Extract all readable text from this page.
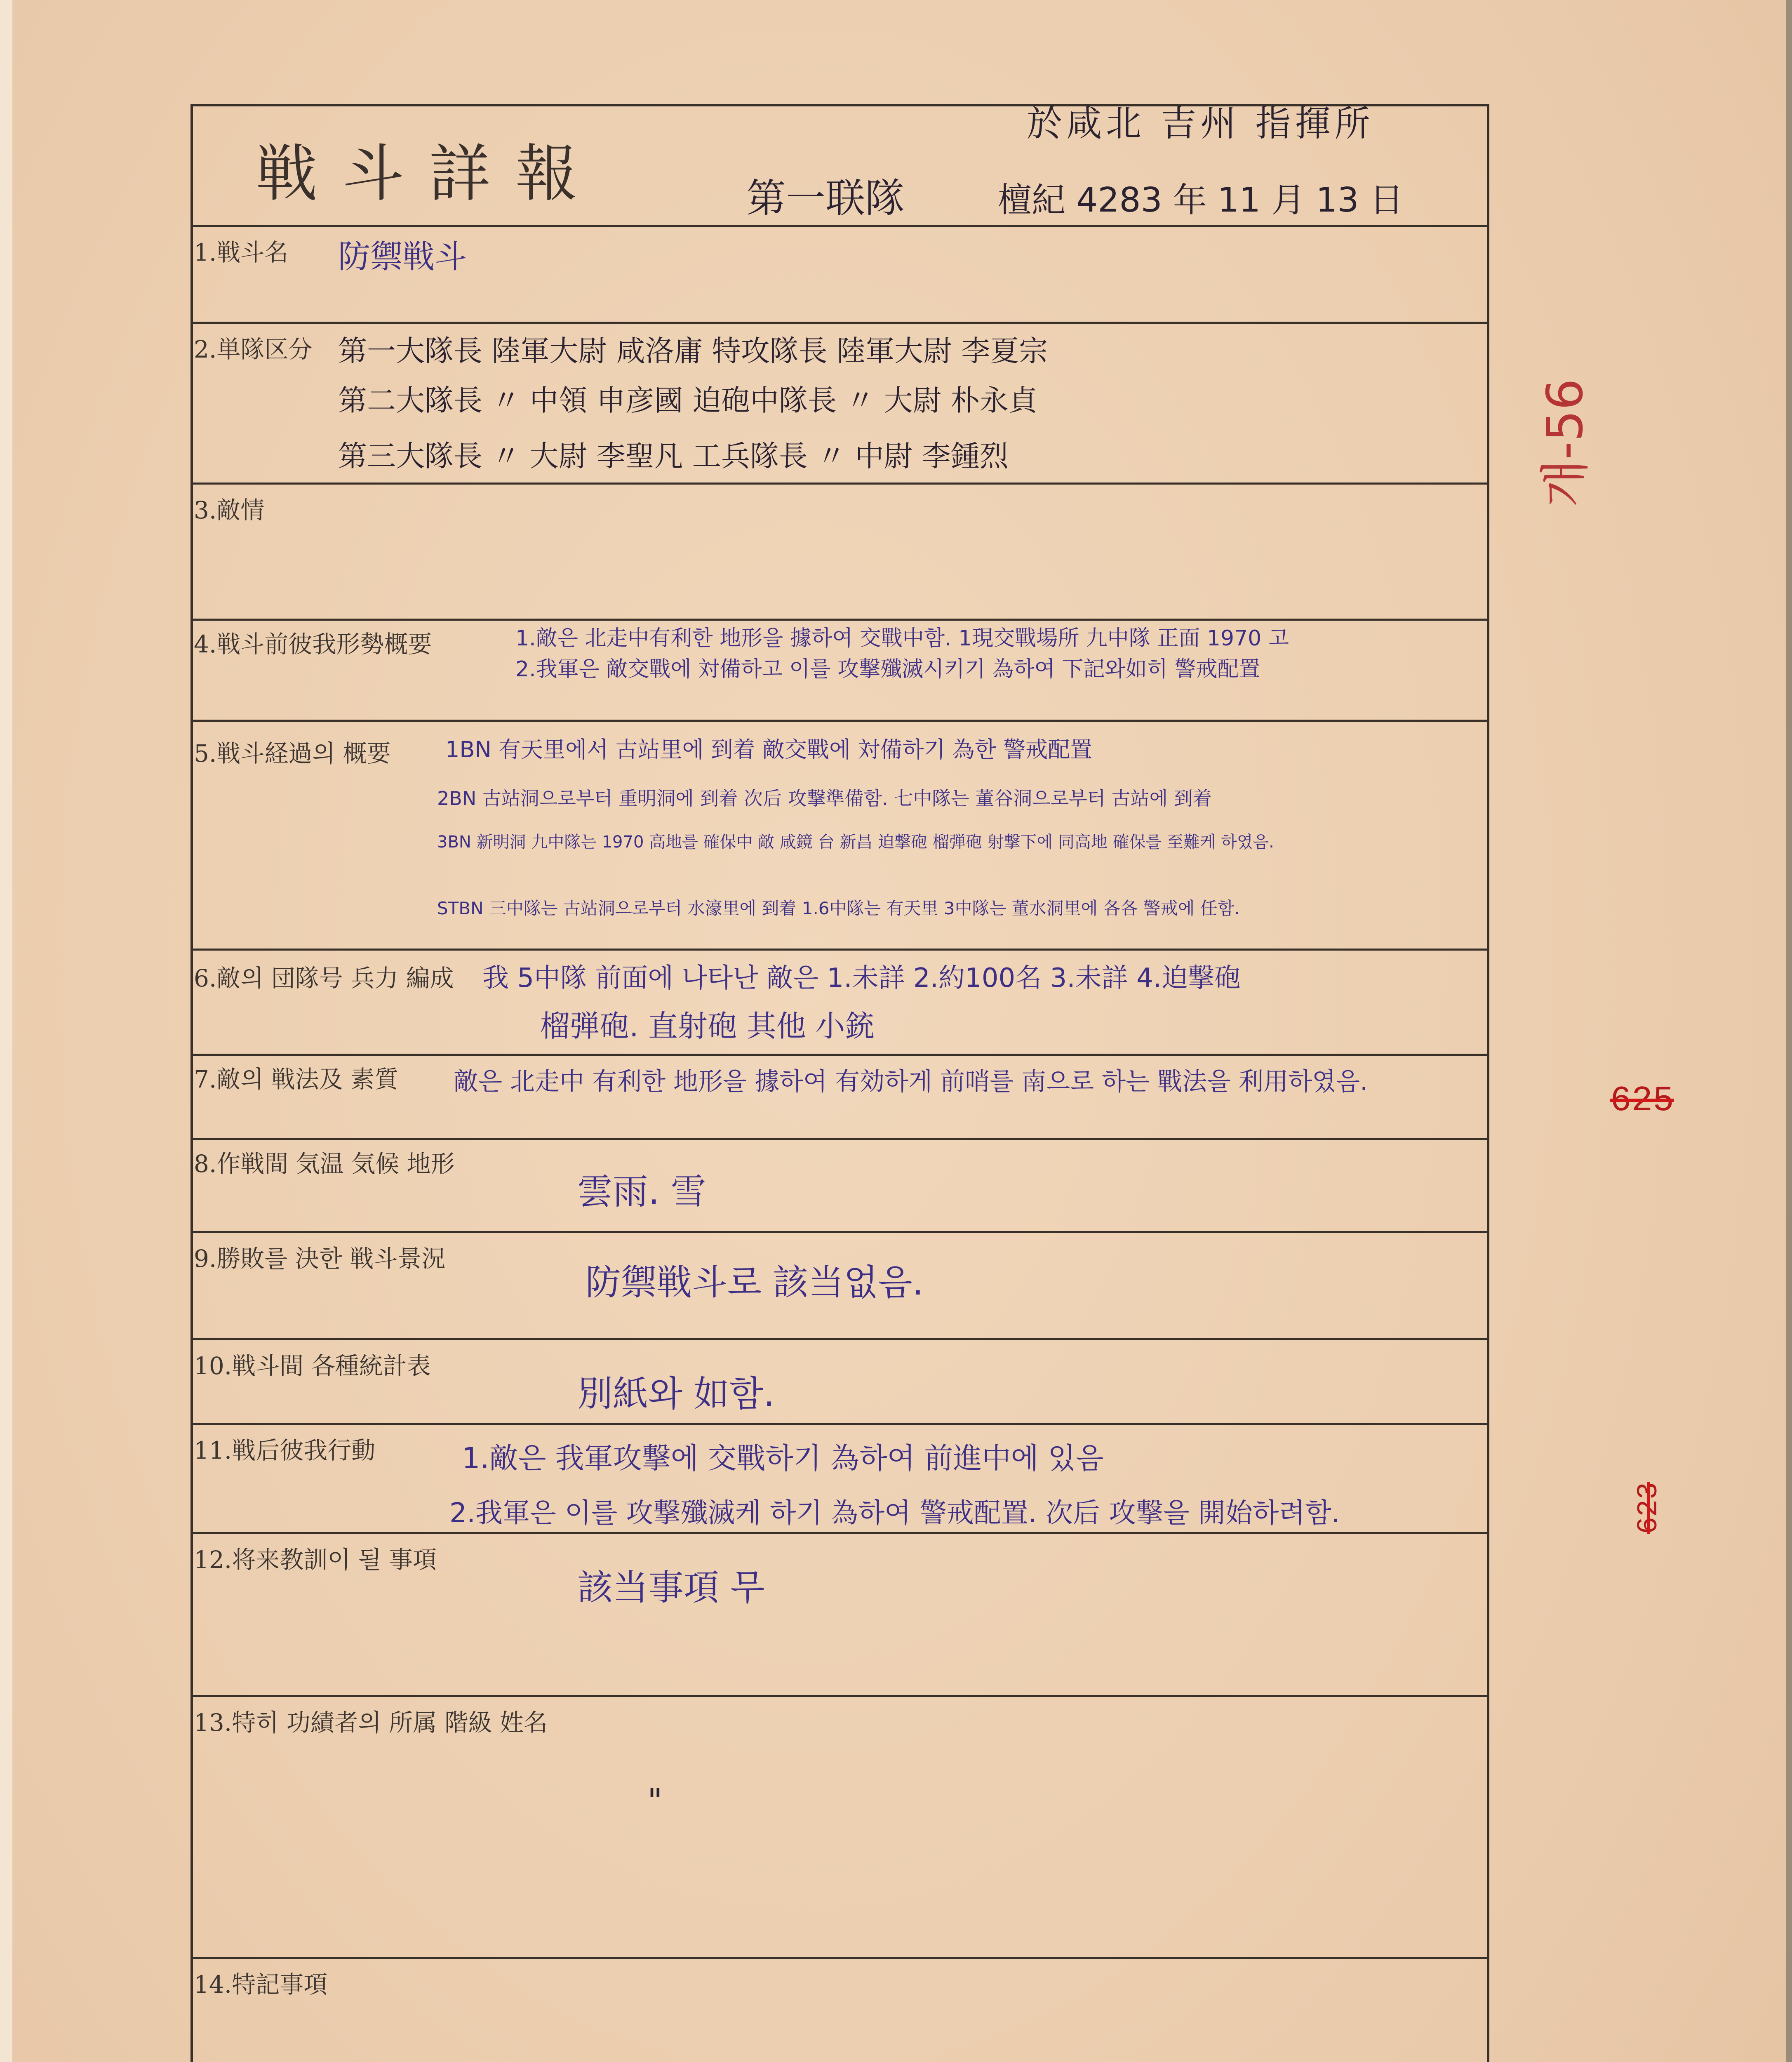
戦斗詳報	第一联隊
於咸北 吉州 指揮所
檀紀 4283 年 11 月 13 日
1.戦斗名 防禦戦斗
2.単隊区分 第一大隊長 陸軍大尉 咸洛庸 特攻隊長 陸軍大尉 李夏宗
第二大隊長 〃 中領 申彦國 迫砲中隊長 〃 大尉 朴永貞
第三大隊長 〃 大尉 李聖凡 工兵隊長 〃 中尉 李鍾烈
3.敵情
4.戦斗前彼我形勢概要	1.敵은 北走中有利한 地形을 據하여 交戰中함. 1現交戰場所 九中隊 正面 1970 고
2.我軍은 敵交戰에 対備하고 이를 攻撃殲滅시키기 為하여 下記와如히 警戒配置
5.戦斗経過의 概要 1BN 有天里에서 古站里에 到着 敵交戰에 対備하기 為한 警戒配置
2BN 古站洞으로부터 重明洞에 到着 次后 攻撃準備함. 七中隊는 董谷洞으로부터 古站에 到着
3BN 新明洞 九中隊는 1970 高地를 確保中 敵 咸鏡 台 新昌 迫撃砲 榴弾砲 射撃下에 同高地 確保를 至難케 하였음.
STBN 三中隊는 古站洞으로부터 水濠里에 到着 1.6中隊는 有天里 3中隊는 董水洞里에 各各 警戒에 任함.
6.敵의 団隊号 兵力 編成 我 5中隊 前面에 나타난 敵은 1.未詳 2.約100名 3.未詳 4.迫撃砲
榴弾砲. 直射砲 其他 小銃
7.敵의 戦法及 素質 敵은 北走中 有利한 地形을 據하여 有効하게 前哨를 南으로 하는 戰法을 利用하였음.
8.作戦間 気温 気候 地形
雲雨. 雪
9.勝敗를 決한 戦斗景況
防禦戦斗로 該当없음.
10.戦斗間 各種統計表
別紙와 如함.
11.戦后彼我行動	1.敵은 我軍攻撃에 交戰하기 為하여 前進中에 있음
2.我軍은 이를 攻撃殲滅케 하기 為하여 警戒配置. 次后 攻撃을 開始하려함.
12.将来教訓이 될 事項
該当事項 무
13.特히 功績者의 所属 階級 姓名
"
14.特記事項
개-56
625
623
